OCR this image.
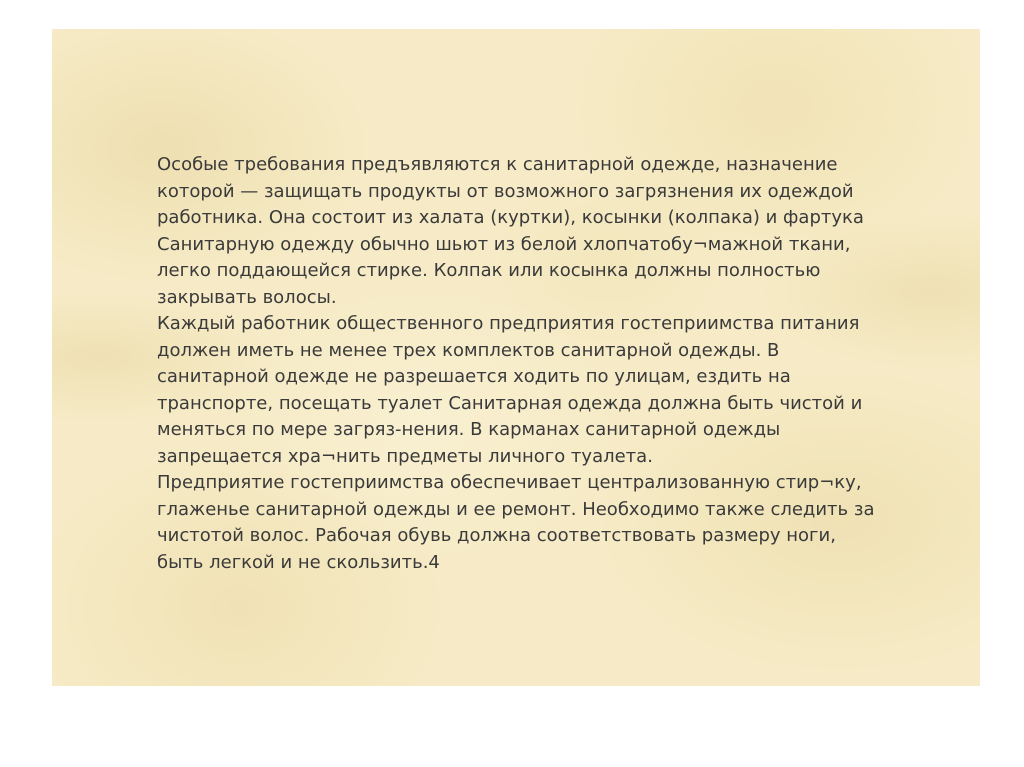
Особые требования предъявляются к санитарной одежде, назначение
которой — защищать продукты от возможного загрязнения их одеждой
работника. Она состоит из халата (куртки), косынки (колпака) и фартука
Санитарную одежду обычно шьют из белой хлопчатобу¬мажной ткани,
легко поддающейся стирке. Колпак или косынка должны полностью
закрывать волосы.
Каждый работник общественного предприятия гостеприимства питания
должен иметь не менее трех комплектов санитарной одежды. В
санитарной одежде не разрешается ходить по улицам, ездить на
транспорте, посещать туалет Санитарная одежда должна быть чистой и
меняться по мере загряз-нения. В карманах санитарной одежды
запрещается хра¬нить предметы личного туалета.
Предприятие гостеприимства обеспечивает централизованную стир¬ку,
глаженье санитарной одежды и ее ремонт. Необходимо также следить за
чистотой волос. Рабочая обувь должна соответствовать размеру ноги,
быть легкой и не скользить.4
